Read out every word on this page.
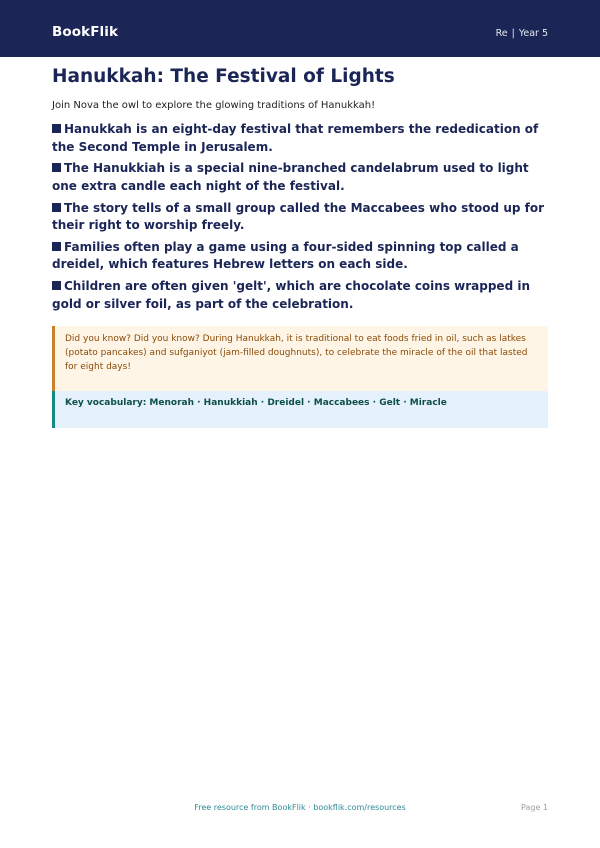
BookFlik	Re | Year 5
Hanukkah: The Festival of Lights
Join Nova the owl to explore the glowing traditions of Hanukkah!
Hanukkah is an eight-day festival that remembers the rededication of the Second Temple in Jerusalem.
The Hanukkiah is a special nine-branched candelabrum used to light one extra candle each night of the festival.
The story tells of a small group called the Maccabees who stood up for their right to worship freely.
Families often play a game using a four-sided spinning top called a dreidel, which features Hebrew letters on each side.
Children are often given 'gelt', which are chocolate coins wrapped in gold or silver foil, as part of the celebration.
Did you know? Did you know? During Hanukkah, it is traditional to eat foods fried in oil, such as latkes (potato pancakes) and sufganiyot (jam-filled doughnuts), to celebrate the miracle of the oil that lasted for eight days!
Key vocabulary: Menorah · Hanukkiah · Dreidel · Maccabees · Gelt · Miracle
Free resource from BookFlik · bookflik.com/resources	Page 1
